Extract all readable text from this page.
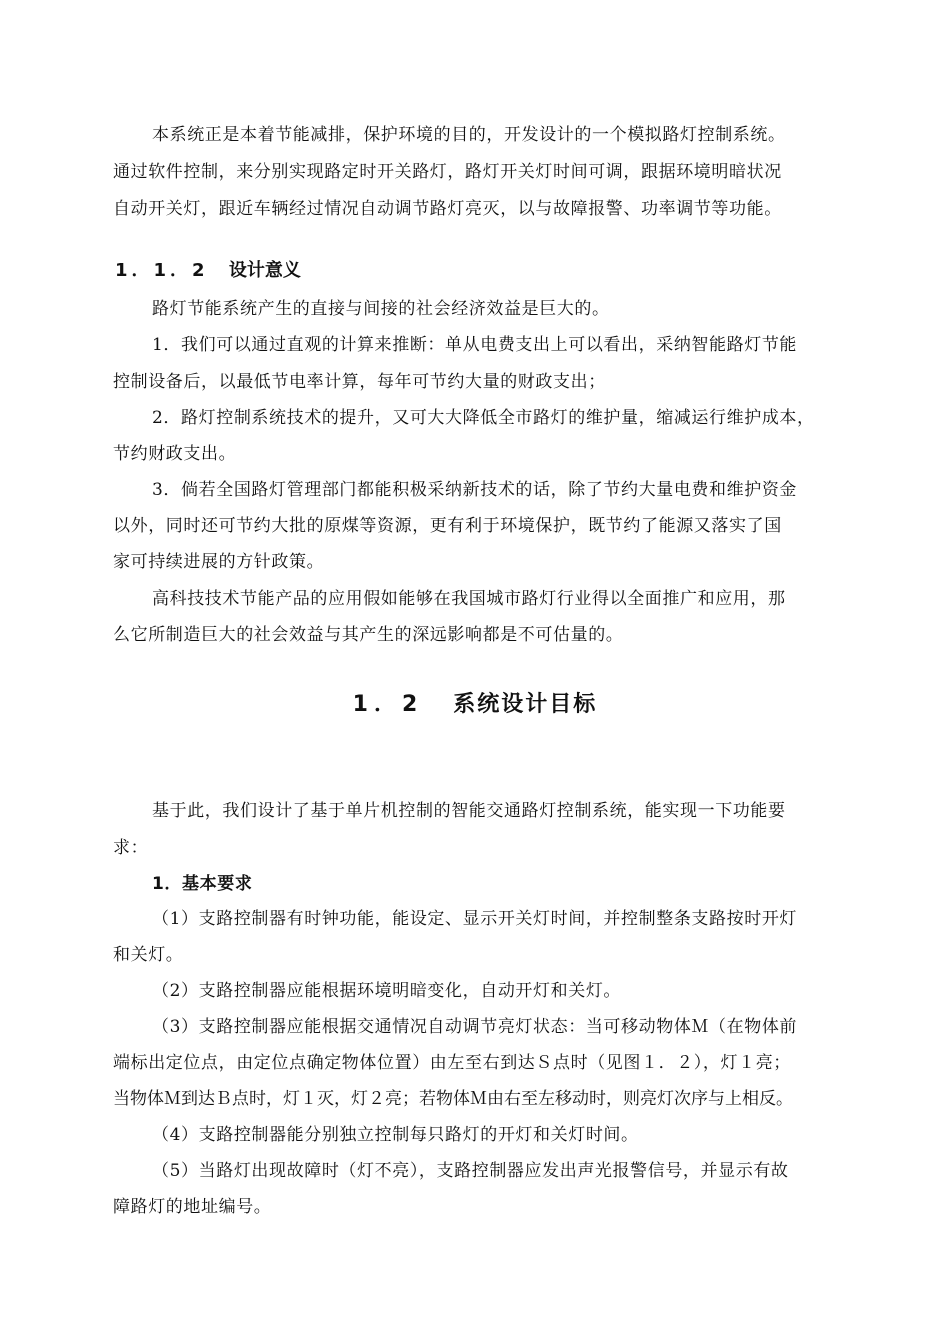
本系统正是本着节能减排，保护环境的目的，开发设计的一个模拟路灯控制系统。
通过软件控制，来分别实现路定时开关路灯，路灯开关灯时间可调，跟据环境明暗状况
自动开关灯，跟近车辆经过情况自动调节路灯亮灭，以与故障报警、功率调节等功能。
1．1．2 设计意义
路灯节能系统产生的直接与间接的社会经济效益是巨大的。
1．我们可以通过直观的计算来推断：单从电费支出上可以看出，采纳智能路灯节能
控制设备后，以最低节电率计算，每年可节约大量的财政支出；
2．路灯控制系统技术的提升，又可大大降低全市路灯的维护量，缩减运行维护成本，
节约财政支出。
3．倘若全国路灯管理部门都能积极采纳新技术的话，除了节约大量电费和维护资金
以外，同时还可节约大批的原煤等资源，更有利于环境保护，既节约了能源又落实了国
家可持续进展的方针政策。
高科技技术节能产品的应用假如能够在我国城市路灯行业得以全面推广和应用，那
么它所制造巨大的社会效益与其产生的深远影响都是不可估量的。
1．2 系统设计目标
基于此，我们设计了基于单片机控制的智能交通路灯控制系统，能实现一下功能要
求：
1．基本要求
（1）支路控制器有时钟功能，能设定、显示开关灯时间，并控制整条支路按时开灯
和关灯。
（2）支路控制器应能根据环境明暗变化，自动开灯和关灯。
（3）支路控制器应能根据交通情况自动调节亮灯状态：当可移动物体Ｍ（在物体前
端标出定位点，由定位点确定物体位置）由左至右到达Ｓ点时（见图１．２），灯１亮；
当物体Ｍ到达Ｂ点时，灯１灭，灯２亮；若物体Ｍ由右至左移动时，则亮灯次序与上相反。
（4）支路控制器能分别独立控制每只路灯的开灯和关灯时间。
（5）当路灯出现故障时（灯不亮），支路控制器应发出声光报警信号，并显示有故
障路灯的地址编号。
